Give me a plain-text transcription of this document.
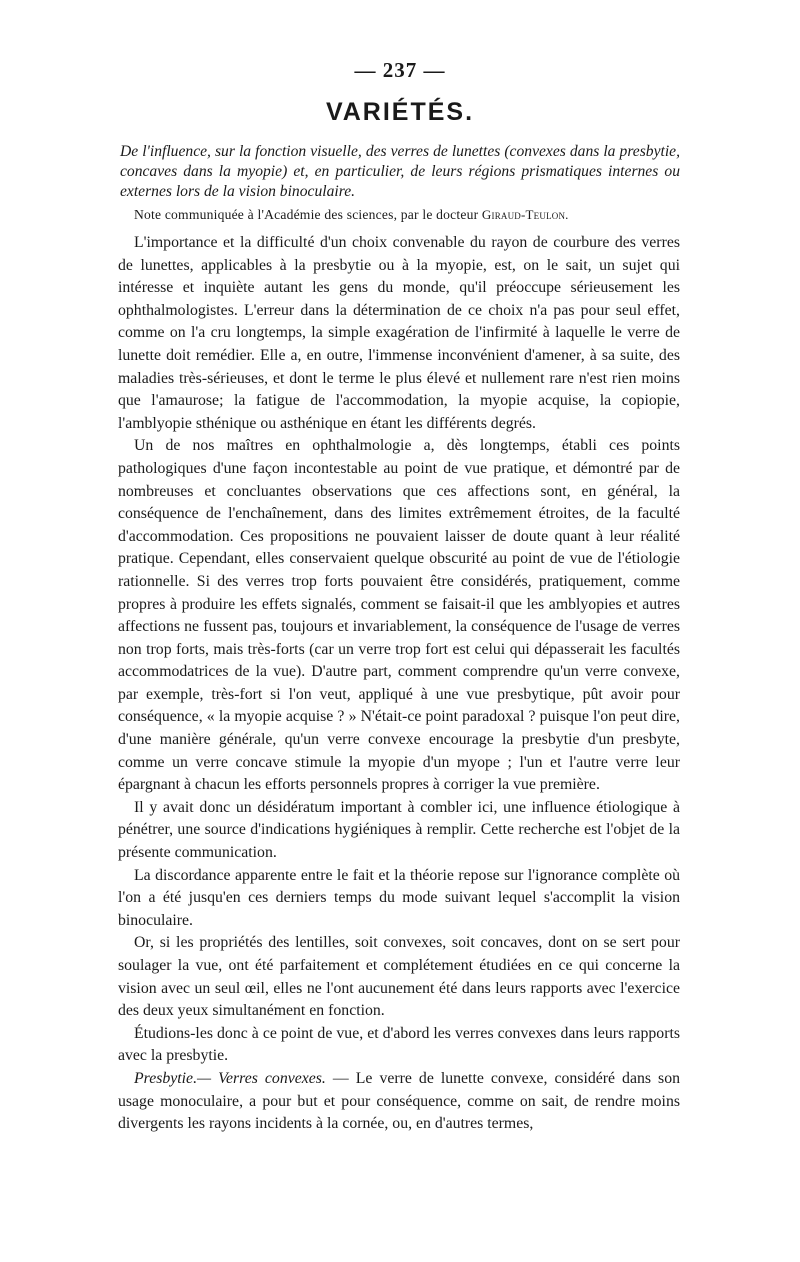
— 237 —
VARIÉTÉS.
De l'influence, sur la fonction visuelle, des verres de lunettes (convexes dans la presbytie, concaves dans la myopie) et, en particulier, de leurs régions prismatiques internes ou externes lors de la vision binoculaire.
Note communiquée à l'Académie des sciences, par le docteur Giraud-Teulon.

L'importance et la difficulté d'un choix convenable du rayon de courbure des verres de lunettes, applicables à la presbytie ou à la myopie, est, on le sait, un sujet qui intéresse et inquiète autant les gens du monde, qu'il préoccupe sérieusement les ophthalmologistes. L'erreur dans la détermination de ce choix n'a pas pour seul effet, comme on l'a cru longtemps, la simple exagération de l'infirmité à laquelle le verre de lunette doit remédier. Elle a, en outre, l'immense inconvénient d'amener, à sa suite, des maladies très-sérieuses, et dont le terme le plus élevé et nullement rare n'est rien moins que l'amaurose; la fatigue de l'accommodation, la myopie acquise, la copiopie, l'amblyopie sthénique ou asthénique en étant les différents degrés.

Un de nos maîtres en ophthalmologie a, dès longtemps, établi ces points pathologiques d'une façon incontestable au point de vue pratique, et démontré par de nombreuses et concluantes observations que ces affections sont, en général, la conséquence de l'enchaînement, dans des limites extrêmement étroites, de la faculté d'accommodation. Ces propositions ne pouvaient laisser de doute quant à leur réalité pratique. Cependant, elles conservaient quelque obscurité au point de vue de l'étiologie rationnelle. Si des verres trop forts pouvaient être considérés, pratiquement, comme propres à produire les effets signalés, comment se faisait-il que les amblyopies et autres affections ne fussent pas, toujours et invariablement, la conséquence de l'usage de verres non trop forts, mais très-forts (car un verre trop fort est celui qui dépasserait les facultés accommodatrices de la vue). D'autre part, comment comprendre qu'un verre convexe, par exemple, très-fort si l'on veut, appliqué à une vue presbytique, pût avoir pour conséquence, « la myopie acquise ? » N'était-ce point paradoxal ? puisque l'on peut dire, d'une manière générale, qu'un verre convexe encourage la presbytie d'un presbyte, comme un verre concave stimule la myopie d'un myope ; l'un et l'autre verre leur épargnant à chacun les efforts personnels propres à corriger la vue première.

Il y avait donc un désidératum important à combler ici, une influence étiologique à pénétrer, une source d'indications hygiéniques à remplir. Cette recherche est l'objet de la présente communication.

La discordance apparente entre le fait et la théorie repose sur l'ignorance complète où l'on a été jusqu'en ces derniers temps du mode suivant lequel s'accomplit la vision binoculaire.

Or, si les propriétés des lentilles, soit convexes, soit concaves, dont on se sert pour soulager la vue, ont été parfaitement et complétement étudiées en ce qui concerne la vision avec un seul œil, elles ne l'ont aucunement été dans leurs rapports avec l'exercice des deux yeux simultanément en fonction.

Étudions-les donc à ce point de vue, et d'abord les verres convexes dans leurs rapports avec la presbytie.

Presbytie.— Verres convexes. — Le verre de lunette convexe, considéré dans son usage monoculaire, a pour but et pour conséquence, comme on sait, de rendre moins divergents les rayons incidents à la cornée, ou, en d'autres termes,
